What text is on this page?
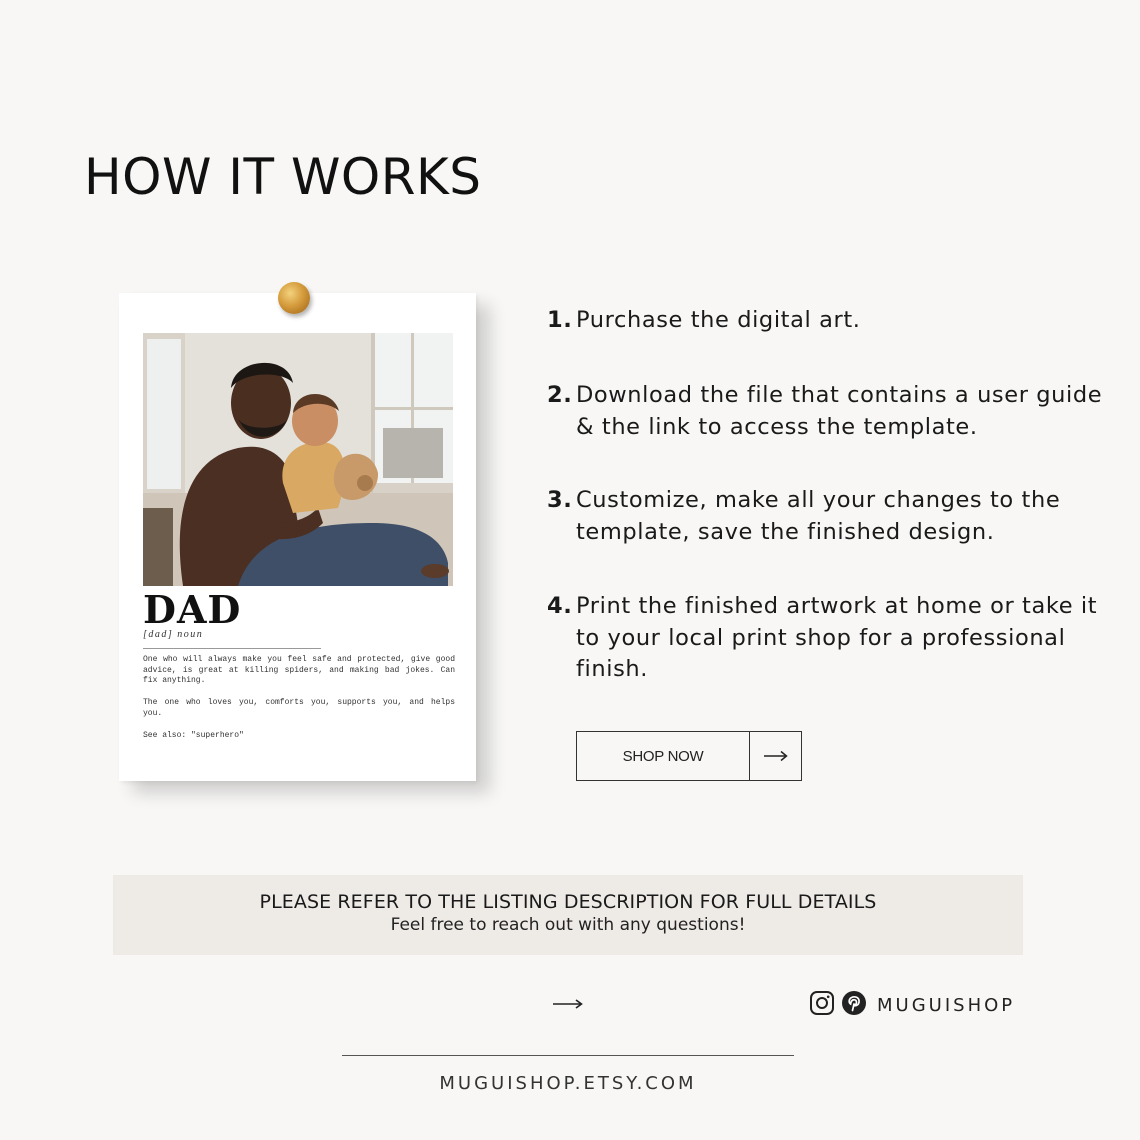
HOW IT WORKS
DAD
[dad] noun

One who will always make you feel safe and protected, give good advice, is great at killing spiders, and making bad jokes. Can fix anything.

The one who loves you, comforts you, supports you, and helps you.

See also: "superhero"

1. Purchase the digital art.
2. Download the file that contains a user guide & the link to access the template.
3. Customize, make all your changes to the template, save the finished design.
4. Print the finished artwork at home or take it to your local print shop for a professional finish.
SHOP NOW
PLEASE REFER TO THE LISTING DESCRIPTION FOR FULL DETAILS
Feel free to reach out with any questions!
MUGUISHOP
MUGUISHOP.ETSY.COM
